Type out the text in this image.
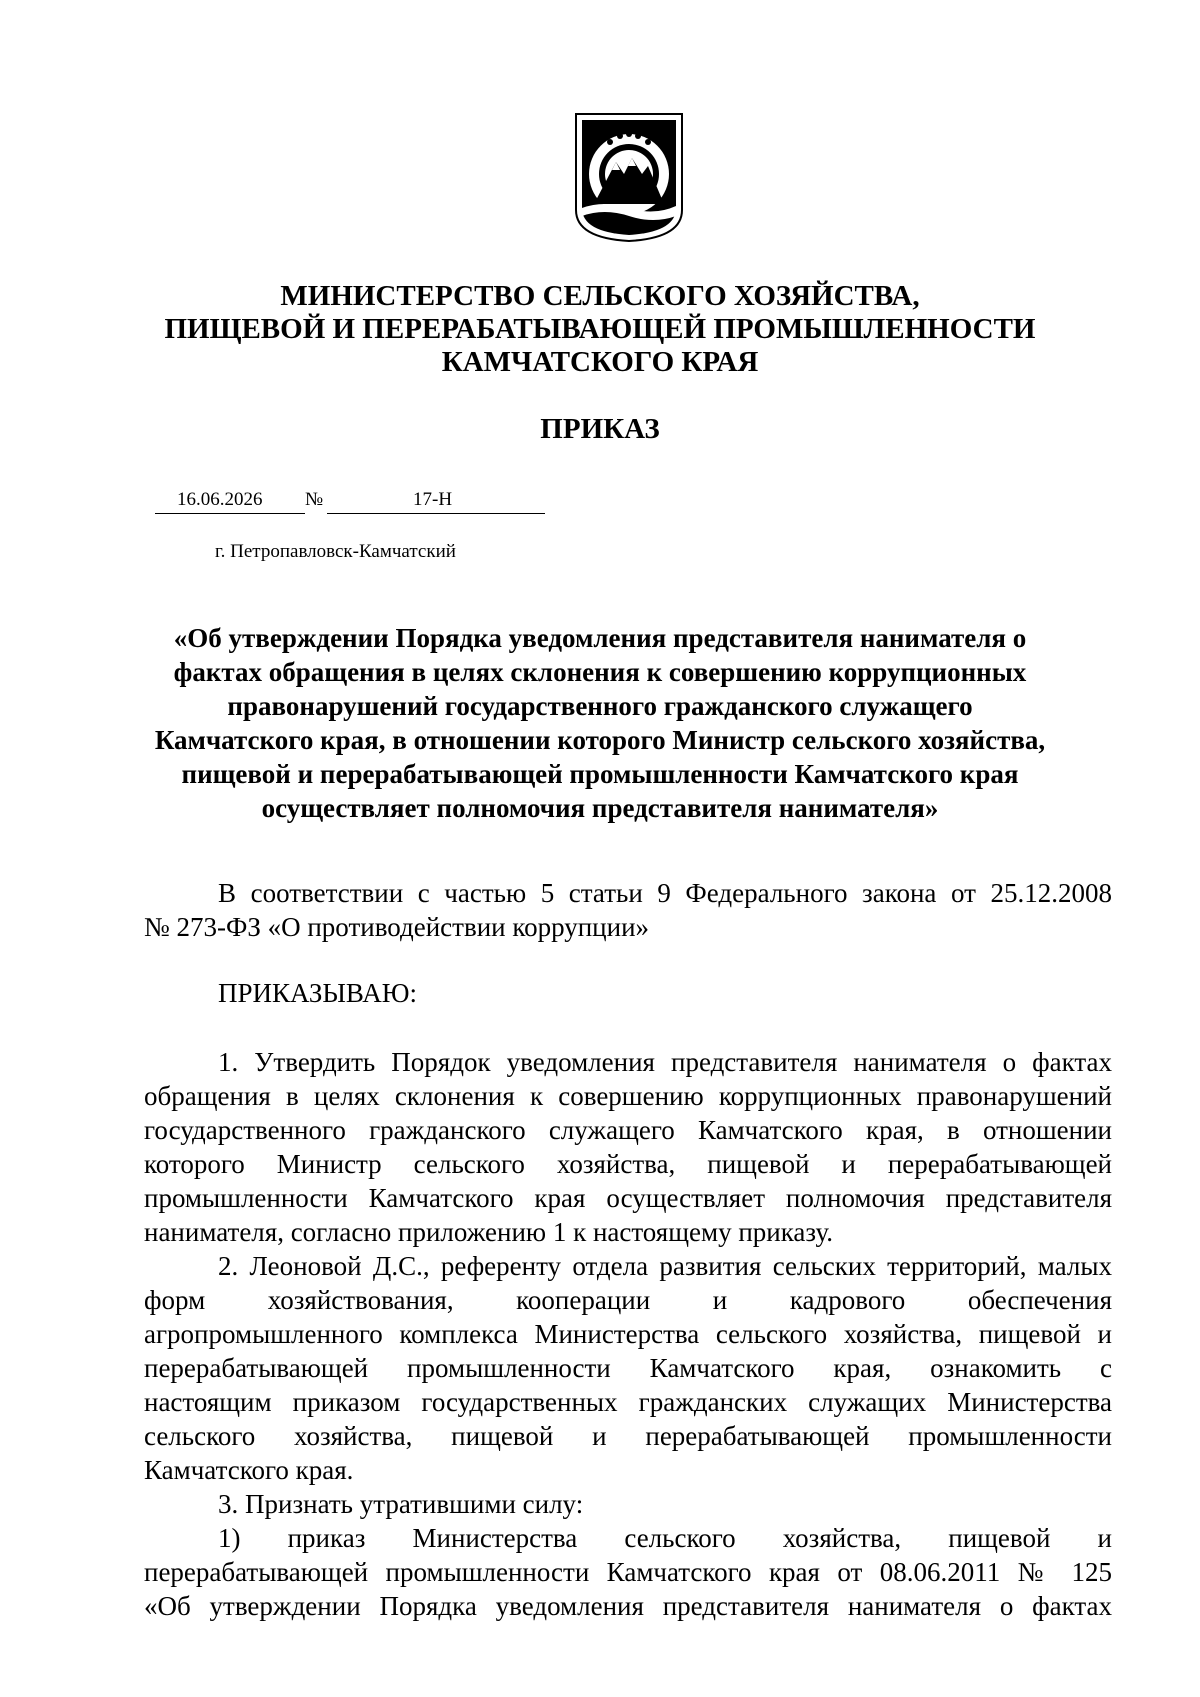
МИНИСТЕРСТВО СЕЛЬСКОГО ХОЗЯЙСТВА,
ПИЩЕВОЙ И ПЕРЕРАБАТЫВАЮЩЕЙ ПРОМЫШЛЕННОСТИ
КАМЧАТСКОГО КРАЯ
ПРИКАЗ
16.06.2026 №	17-Н
г. Петропавловск-Камчатский
«Об утверждении Порядка уведомления представителя нанимателя о
фактах обращения в целях склонения к совершению коррупционных
правонарушений государственного гражданского служащего
Камчатского края, в отношении которого Министр сельского хозяйства,
пищевой и перерабатывающей промышленности Камчатского края
осуществляет полномочия представителя нанимателя»
В соответствии с частью 5 статьи 9 Федерального закона от 25.12.2008
№ 273-ФЗ «О противодействии коррупции»
ПРИКАЗЫВАЮ:
1. Утвердить Порядок уведомления представителя нанимателя о фактах
обращения в целях склонения к совершению коррупционных правонарушений
государственного гражданского служащего Камчатского края, в отношении
которого Министр сельского хозяйства, пищевой и перерабатывающей
промышленности Камчатского края осуществляет полномочия представителя
нанимателя, согласно приложению 1 к настоящему приказу.
2. Леоновой Д.С., референту отдела развития сельских территорий, малых
форм хозяйствования, кооперации и кадрового обеспечения
агропромышленного комплекса Министерства сельского хозяйства, пищевой и
перерабатывающей промышленности Камчатского края, ознакомить с
настоящим приказом государственных гражданских служащих Министерства
сельского хозяйства, пищевой и перерабатывающей промышленности
Камчатского края.
3. Признать утратившими силу:
1) приказ Министерства сельского хозяйства, пищевой и
перерабатывающей промышленности Камчатского края от 08.06.2011 № 125
«Об утверждении Порядка уведомления представителя нанимателя о фактах
